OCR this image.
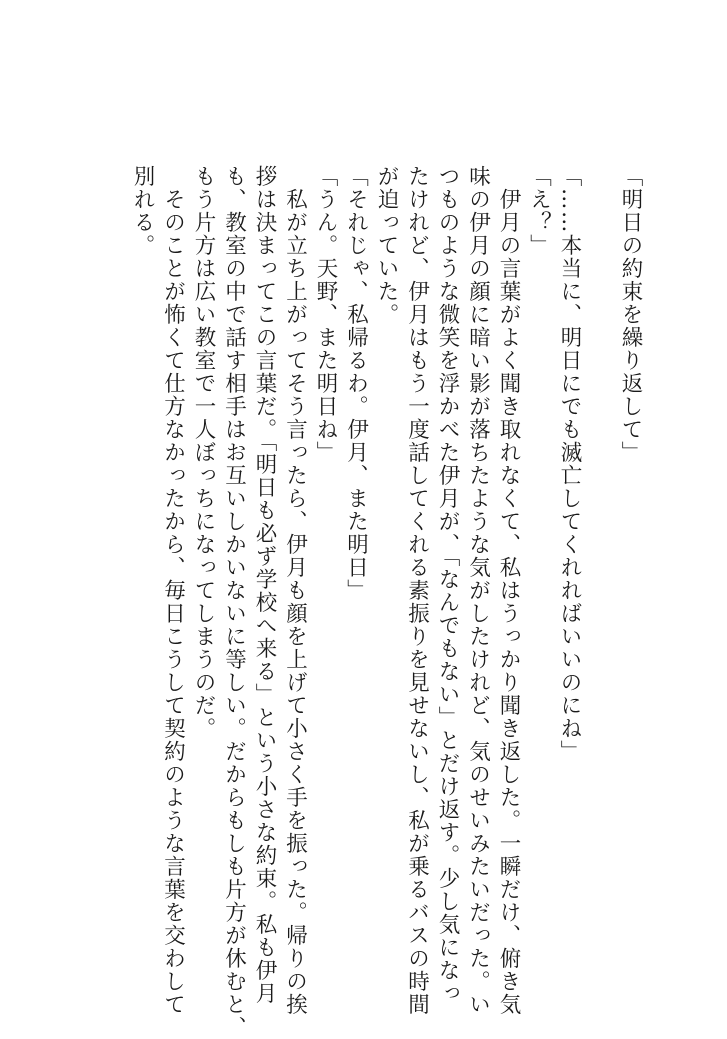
「明日の約束を繰り返して」
「……本当に、明日にでも滅亡してくれればいいのにね」
「え？」
　伊月の言葉がよく聞き取れなくて、私はうっかり聞き返した。一瞬だけ、俯き気
味の伊月の顔に暗い影が落ちたような気がしたけれど、気のせいみたいだった。い
つものような微笑を浮かべた伊月が、「なんでもない」とだけ返す。少し気になっ
たけれど、伊月はもう一度話してくれる素振りを見せないし、私が乗るバスの時間
が迫っていた。
「それじゃ、私帰るわ。伊月、また明日」
「うん。天野、また明日ね」
　私が立ち上がってそう言ったら、伊月も顔を上げて小さく手を振った。帰りの挨
拶は決まってこの言葉だ。「明日も必ず学校へ来る」という小さな約束。私も伊月
も、教室の中で話す相手はお互いしかいないに等しい。だからもしも片方が休むと、
もう片方は広い教室で一人ぼっちになってしまうのだ。
　そのことが怖くて仕方なかったから、毎日こうして契約のような言葉を交わして
別れる。
